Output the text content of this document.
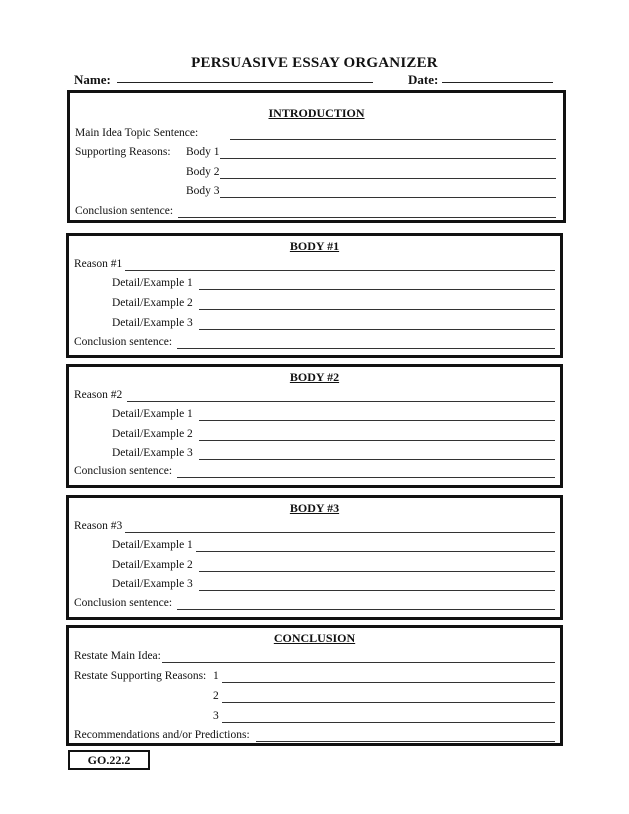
PERSUASIVE ESSAY ORGANIZER
Name:	Date:
INTRODUCTION
Main Idea Topic Sentence:
Supporting Reasons: Body 1
Body 2
Body 3
Conclusion sentence:
BODY #1
Reason #1
Detail/Example 1
Detail/Example 2
Detail/Example 3
Conclusion sentence:
BODY #2
Reason #2
Detail/Example 1
Detail/Example 2
Detail/Example 3
Conclusion sentence:
BODY #3
Reason #3
Detail/Example 1
Detail/Example 2
Detail/Example 3
Conclusion sentence:
CONCLUSION
Restate Main Idea:
Restate Supporting Reasons: 1
2
3
Recommendations and/or Predictions:
GO.22.2
